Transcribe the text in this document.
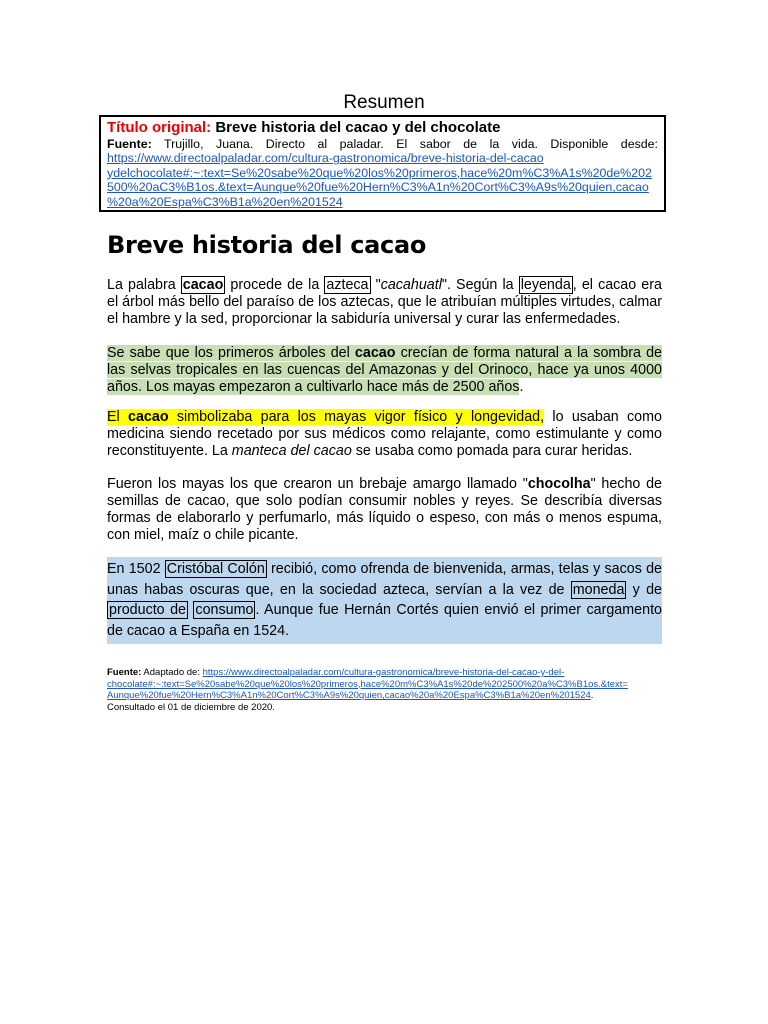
Resumen
Título original: Breve historia del cacao y del chocolate
Fuente: Trujillo, Juana. Directo al paladar. El sabor de la vida. Disponible desde:
https://www.directoalpaladar.com/cultura-gastronomica/breve-historia-del-cacao
ydelchocolate#:~:text=Se%20sabe%20que%20los%20primeros,hace%20m%C3%A1s%20de%202
500%20aC3%B1os.&text=Aunque%20fue%20Hern%C3%A1n%20Cort%C3%A9s%20quien,cacao
%20a%20Espa%C3%B1a%20en%201524
Breve historia del cacao
La palabra cacao procede de la azteca "cacahuatl". Según la leyenda , el cacao era el árbol más bello del paraíso de los aztecas, que le atribuían múltiples virtudes, calmar el hambre y la sed, proporcionar la sabiduría universal y curar las enfermedades.
Se sabe que los primeros árboles del cacao crecían de forma natural a la sombra de las selvas tropicales en las cuencas del Amazonas y del Orinoco, hace ya unos 4000 años. Los mayas empezaron a cultivarlo hace más de 2500 años.
El cacao simbolizaba para los mayas vigor físico y longevidad, lo usaban como medicina siendo recetado por sus médicos como relajante, como estimulante y como reconstituyente. La manteca del cacao se usaba como pomada para curar heridas.
Fueron los mayas los que crearon un brebaje amargo llamado "chocolha" hecho de semillas de cacao, que solo podían consumir nobles y reyes. Se describía diversas formas de elaborarlo y perfumarlo, más líquido o espeso, con más o menos espuma, con miel, maíz o chile picante.
En 1502 Cristóbal Colón recibió, como ofrenda de bienvenida, armas, telas y sacos de unas habas oscuras que, en la sociedad azteca, servían a la vez de moneda y de producto de consumo . Aunque fue Hernán Cortés quien envió el primer cargamento de cacao a España en 1524.
Fuente: Adaptado de: https://www.directoalpaladar.com/cultura-gastronomica/breve-historia-del-cacao-y-del-
chocolate#:~:text=Se%20sabe%20que%20los%20primeros,hace%20m%C3%A1s%20de%202500%20a%C3%B1os.&text=
Aunque%20fue%20Hern%C3%A1n%20Cort%C3%A9s%20quien,cacao%20a%20Espa%C3%B1a%20en%201524.
Consultado el 01 de diciembre de 2020.
